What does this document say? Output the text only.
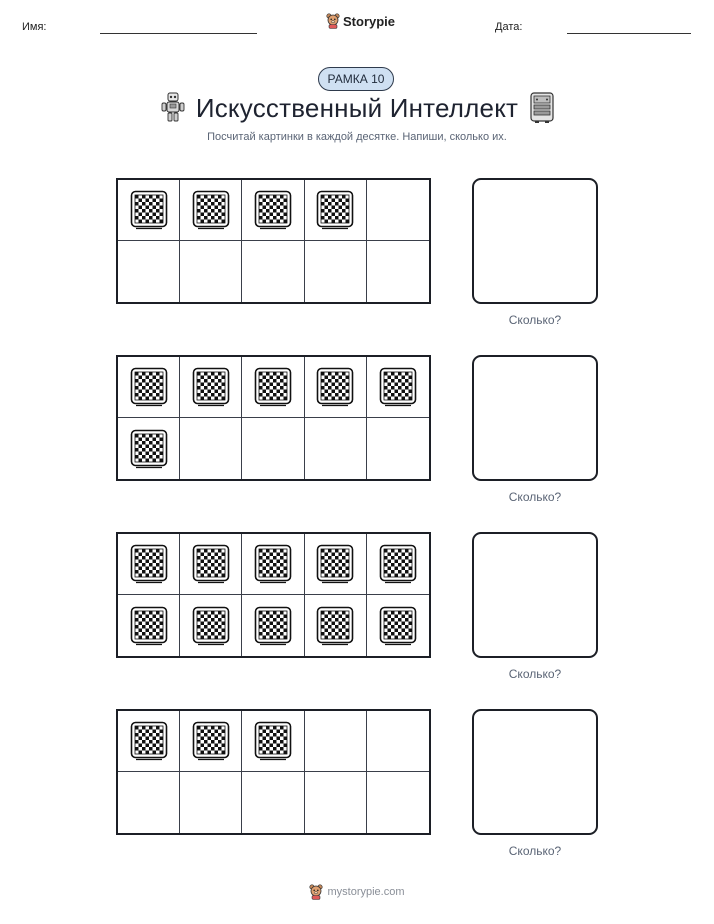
Имя:	Storypie	Дата:
РАМКА 10
Искусственный Интеллект
Посчитай картинки в каждой десятке. Напиши, сколько их.
Сколько?
Сколько?
Сколько?
Сколько?
mystorypie.com
